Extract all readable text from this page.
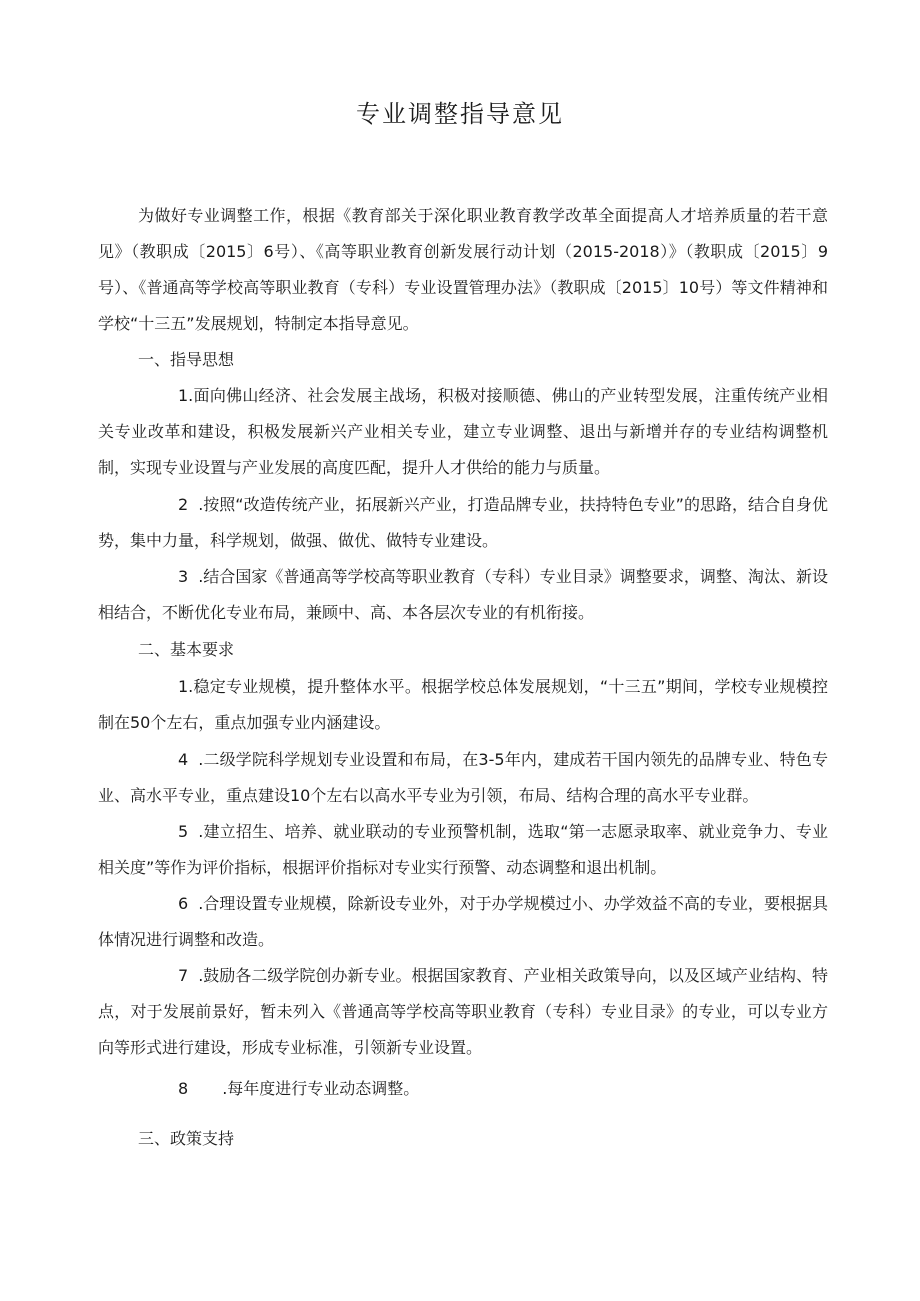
专业调整指导意见

为做好专业调整工作，根据《教育部关于深化职业教育教学改革全面提高人才培养质量的若干意见》（教职成〔2015〕6号）、《高等职业教育创新发展行动计划（2015-2018）》（教职成〔2015〕9号）、《普通高等学校高等职业教育（专科）专业设置管理办法》（教职成〔2015〕10号）等文件精神和学校“十三五”发展规划，特制定本指导意见。

一、指导思想

1.面向佛山经济、社会发展主战场，积极对接顺德、佛山的产业转型发展，注重传统产业相关专业改革和建设，积极发展新兴产业相关专业，建立专业调整、退出与新增并存的专业结构调整机制，实现专业设置与产业发展的高度匹配，提升人才供给的能力与质量。

2 .按照“改造传统产业，拓展新兴产业，打造品牌专业，扶持特色专业”的思路，结合自身优势，集中力量，科学规划，做强、做优、做特专业建设。

3 .结合国家《普通高等学校高等职业教育（专科）专业目录》调整要求，调整、淘汰、新设相结合，不断优化专业布局，兼顾中、高、本各层次专业的有机衔接。

二、基本要求

1.稳定专业规模，提升整体水平。根据学校总体发展规划，“十三五”期间，学校专业规模控制在50个左右，重点加强专业内涵建设。

4 .二级学院科学规划专业设置和布局，在3-5年内，建成若干国内领先的品牌专业、特色专业、高水平专业，重点建设10个左右以高水平专业为引领，布局、结构合理的高水平专业群。

5 .建立招生、培养、就业联动的专业预警机制，选取“第一志愿录取率、就业竞争力、专业相关度”等作为评价指标，根据评价指标对专业实行预警、动态调整和退出机制。

6 .合理设置专业规模，除新设专业外，对于办学规模过小、办学效益不高的专业，要根据具体情况进行调整和改造。

7 .鼓励各二级学院创办新专业。根据国家教育、产业相关政策导向，以及区域产业结构、特点，对于发展前景好，暂未列入《普通高等学校高等职业教育（专科）专业目录》的专业，可以专业方向等形式进行建设，形成专业标准，引领新专业设置。

8 .每年度进行专业动态调整。

三、政策支持
